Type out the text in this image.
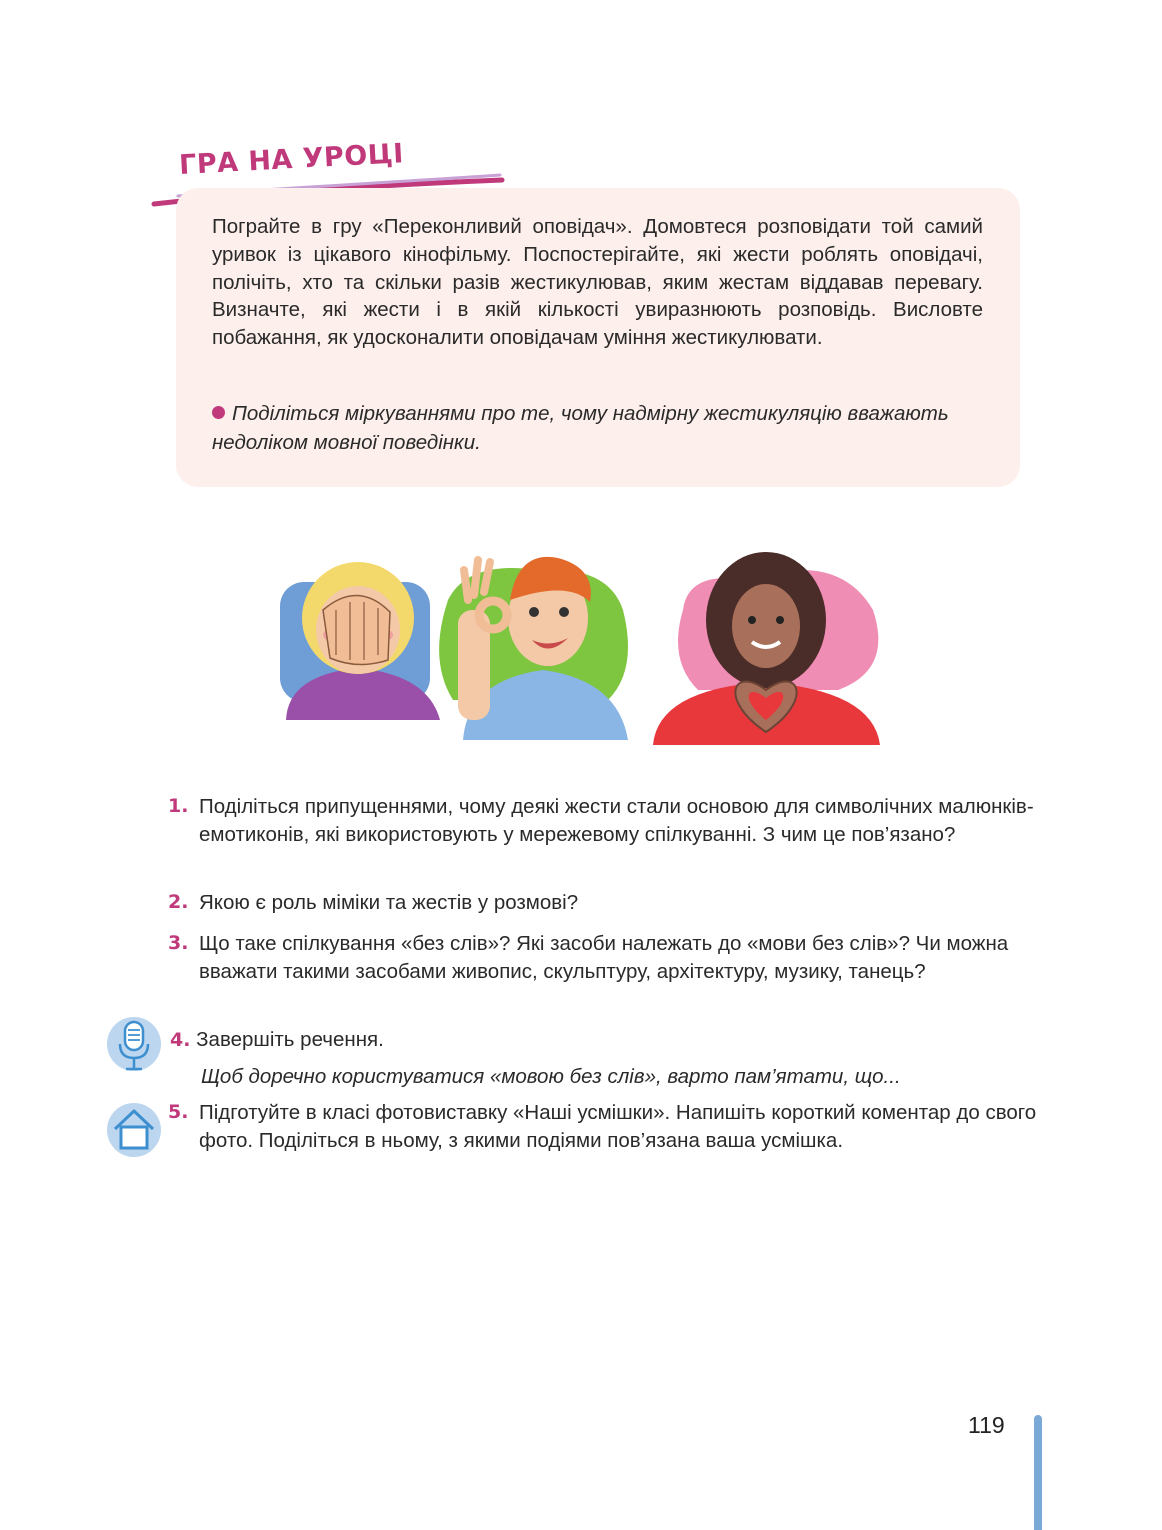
ГРА НА УРОЦІ

Пограйте в гру «Переконливий оповідач». Домовтеся розповідати той самий уривок із цікавого кінофільму. Поспостерігайте, які жести роблять оповідачі, полічіть, хто та скільки разів жестикулював, яким жестам віддавав перевагу. Визначте, які жести і в якій кількості увиразнюють розповідь. Висловте побажання, як удосконалити оповідачам уміння жестикулювати.

Поділіться міркуваннями про те, чому надмірну жестикуляцію вважають недоліком мовної поведінки.

1. Поділіться припущеннями, чому деякі жести стали основою для символічних малюнків-емотиконів, які використовують у мережевому спілкуванні. З чим це пов’язано?
2. Якою є роль міміки та жестів у розмові?
3. Що таке спілкування «без слів»? Які засоби належать до «мови без слів»? Чи можна вважати такими засобами живопис, скульптуру, архітектуру, музику, танець?
4. Завершіть речення.
Щоб доречно користуватися «мовою без слів», варто пам’ятати, що...
5. Підготуйте в класі фотовиставку «Наші усмішки». Напишіть короткий коментар до свого фото. Поділіться в ньому, з якими подіями пов’язана ваша усмішка.
119
